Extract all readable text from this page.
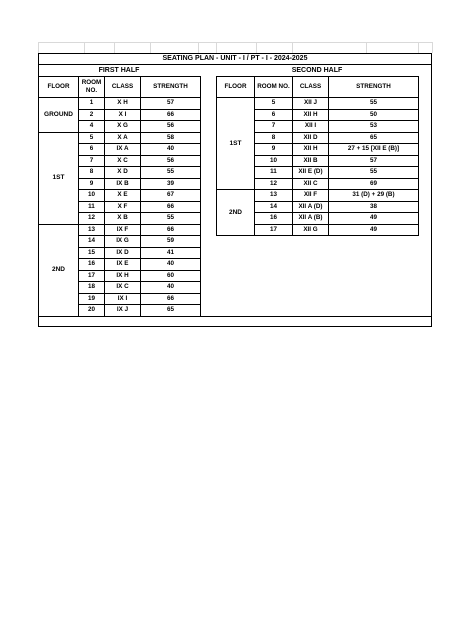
SEATING PLAN - UNIT - I / PT - I - 2024-2025
FIRST HALF	SECOND HALF
FLOOR	ROOM NO.	CLASS	STRENGTH
GROUND	1	X H	57
	2	X I	66
	4	X G	56
1ST	5	X A	58
	6	IX A	40
	7	X C	56
	8	X D	55
	9	IX B	39
	10	X E	67
	11	X F	66
	12	X B	55
2ND	13	IX F	66
	14	IX G	59
	15	IX D	41
	16	IX E	40
	17	IX H	60
	18	IX C	40
	19	IX I	66
	20	IX J	65
FLOOR	ROOM NO.	CLASS	STRENGTH
1ST	5	XII J	55
	6	XII H	50
	7	XII I	53
	8	XII D	65
	9	XII H	27 + 15 [XII E (B)]
	10	XII B	57
	11	XII E (D)	55
	12	XII C	69
2ND	13	XII F	31 (D) + 29 (B)
	14	XII A (D)	38
	16	XII A (B)	49
	17	XII G	49
